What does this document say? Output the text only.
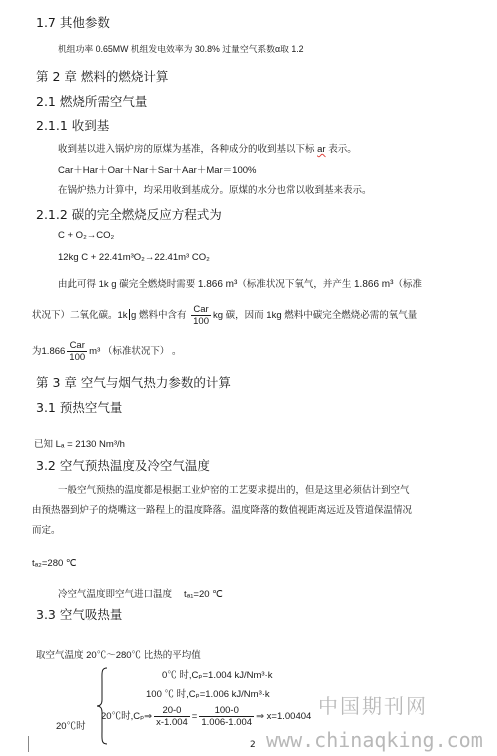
1.7 其他参数
机组功率 0.65MW 机组发电效率为 30.8% 过量空气系数α取 1.2
第 2 章 燃料的燃烧计算
2.1 燃烧所需空气量
2.1.1 收到基
收到基以进入锅炉房的原煤为基准，各种成分的收到基以下标 ar 表示。
Car＋Har＋Oar＋Nar＋Sar＋Aar＋Mar＝100%
在锅炉热力计算中，均采用收到基成分。原煤的水分也常以收到基来表示。
2.1.2 碳的完全燃烧反应方程式为
C + O₂→CO₂
12kg C + 22.41m³O₂→22.41m³ CO₂
由此可得 1k g 碳完全燃烧时需要 1.866 m³（标准状况下氧气，并产生 1.866 m³（标准
状况下）二氧化碳。1k g 燃料中含有 $\frac{\text{Car}}{100}$ kg 碳，因而 1kg 燃料中碳完全燃烧必需的氧气量
为$1.866 \frac{\text{Car}}{100} m^3$ （标准状况下） 。
第 3 章 空气与烟气热力参数的计算
3.1 预热空气量
已知 Lₐ = 2130 Nm³/h
3.2 空气预热温度及冷空气温度
一般空气预热的温度都是根据工业炉窑的工艺要求提出的，但是这里必须估计到空气
由预热器到炉子的烧嘴这一路程上的温度降落。温度降落的数值视距离远近及管道保温情况
而定。
tₐ₂=280 ℃
冷空气温度即空气进口温度 tₐ₁=20 ℃
3.3 空气吸热量
取空气温度 20℃～280℃ 比热的平均值
0℃ 时,Cₚ=1.004 kJ/Nm³·k
100 ℃ 时,Cₚ=1.006 kJ/Nm³·k
20℃时
20℃时,Cₚ⇒ $\frac{20-0}{x-1.004} = \frac{100-0}{1.006-1.004}$ ⇒ x=1.00404
2
中国期刊网
www.chinaqking.com
